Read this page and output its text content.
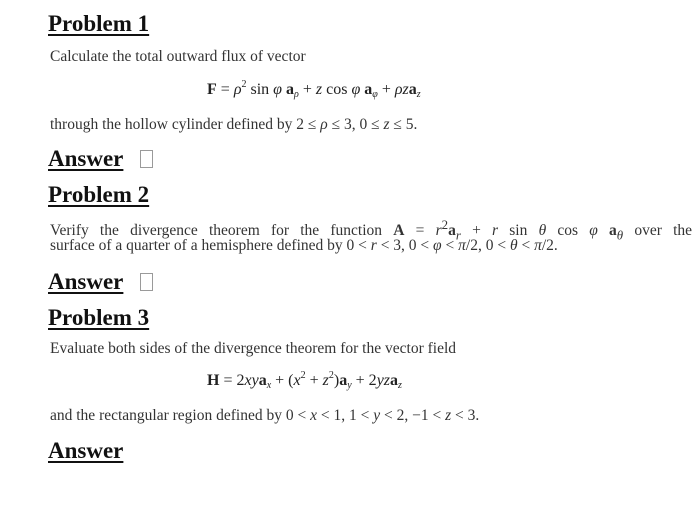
Problem 1
Calculate the total outward flux of vector
$F = \rho^2$ sin φ $a_\rho + z$ cos φ $a_\varphi + \rho za_z$
through the hollow cylinder defined by 2 ≤ ρ ≤ 3, 0 ≤ z ≤ 5.
Answer
Problem 2
Verify the divergence theorem for the function $A = r^2a_r + r$ sin θ cos φ $a_\theta$ over the
surface of a quarter of a hemisphere defined by 0 < r < 3, 0 < φ < π/2, 0 < θ < π/2.
Answer
Problem 3
Evaluate both sides of the divergence theorem for the vector field
$H = 2xya_x + (x^2 + z^2)a_y + 2yza_z$
and the rectangular region defined by 0 < x < 1, 1 < y < 2, −1 < z < 3.
Answer
